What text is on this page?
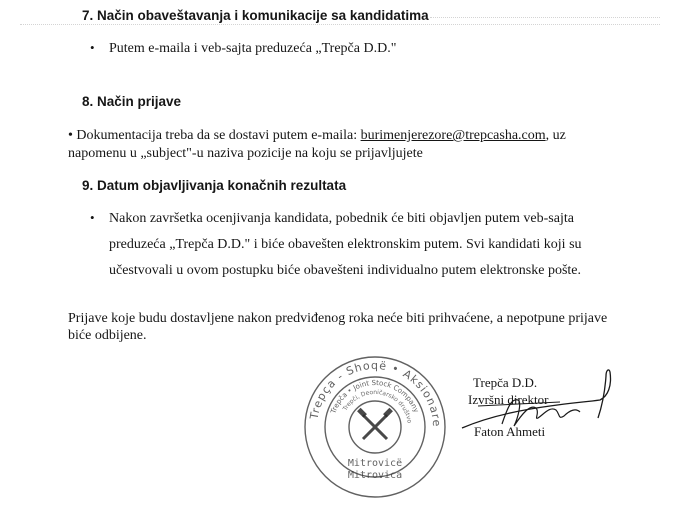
7. Način obaveštavanja i komunikacije sa kandidatima
• Putem e-maila i veb-sajta preduzeća „Trepča D.D."
8. Način prijave
• Dokumentacija treba da se dostavi putem e-maila: burimenjerezore@trepcasha.com, uz
napomenu u „subject"-u naziva pozicije na koju se prijavljujete
9. Datum objavljivanja konačnih rezultata
• Nakon završetka ocenjivanja kandidata, pobednik će biti objavljen putem veb-sajta
preduzeća „Trepča D.D." i biće obavešten elektronskim putem. Svi kandidati koji su
učestvovali u ovom postupku biće obavešteni individualno putem elektronske pošte.
Prijave koje budu dostavljene nakon predviđenog roka neće biti prihvaćene, a nepotpune prijave
biće odbijene.
Trepça - Shoqë • Aksionare
Trepča • Joint Stock Company
Trepči, Deoničarsko društvo
Mitrovicë
Mitrovica
Trepča D.D.
Izvršni direktor
Faton Ahmeti
